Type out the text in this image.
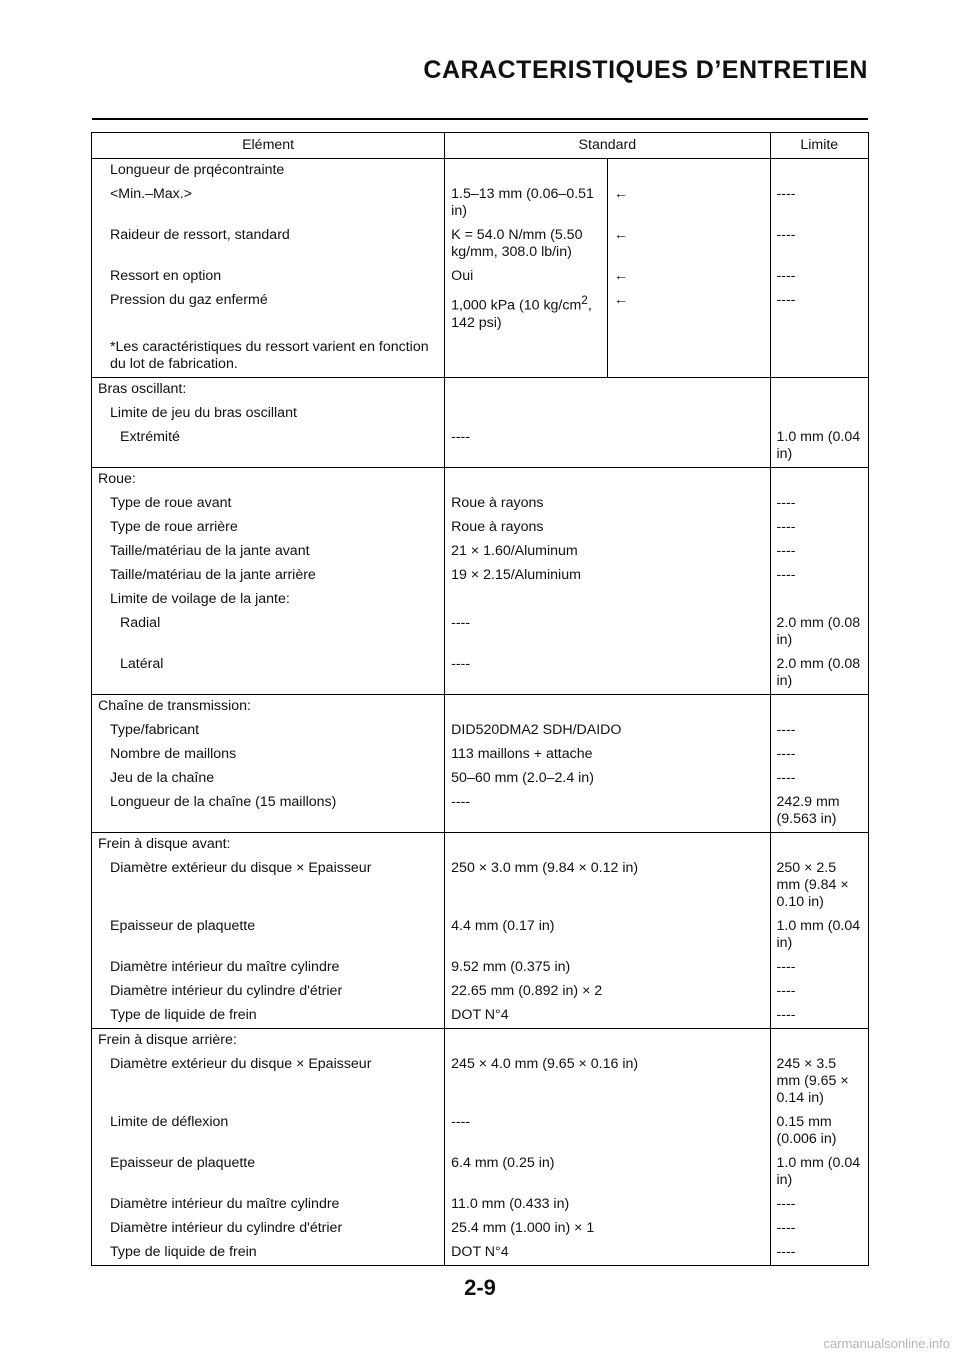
CARACTERISTIQUES D’ENTRETIEN
Elément	Standard		Limite
Longueur de prqécontrainte			
<Min.–Max.>	1.5–13 mm (0.06–0.51 in)	←	----
Raideur de ressort, standard	K = 54.0 N/mm (5.50 kg/mm, 308.0 lb/in)	←	----
Ressort en option	Oui	←	----
Pression du gaz enfermé	1,000 kPa (10 $kg/cm^2$, 142 psi)	←	----
*Les caractéristiques du ressort varient en fonction du lot de fabrication.			
Bras oscillant:			
Limite de jeu du bras oscillant			
Extrémité	----		1.0 mm (0.04 in)
Roue:			
Type de roue avant	Roue à rayons		----
Type de roue arrière	Roue à rayons		----
Taille/matériau de la jante avant	21 × 1.60/Aluminum		----
Taille/matériau de la jante arrière	19 × 2.15/Aluminium		----
Limite de voilage de la jante:			
Radial	----		2.0 mm (0.08 in)
Latéral	----		2.0 mm (0.08 in)
Chaîne de transmission:			
Type/fabricant	DID520DMA2 SDH/DAIDO		----
Nombre de maillons	113 maillons + attache		----
Jeu de la chaîne	50–60 mm (2.0–2.4 in)		----
Longueur de la chaîne (15 maillons)	----		242.9 mm (9.563 in)
Frein à disque avant:			
Diamètre extérieur du disque × Epaisseur	250 × 3.0 mm (9.84 × 0.12 in)		250 × 2.5 mm (9.84 × 0.10 in)
Epaisseur de plaquette	4.4 mm (0.17 in)		1.0 mm (0.04 in)
Diamètre intérieur du maître cylindre	9.52 mm (0.375 in)		----
Diamètre intérieur du cylindre d'étrier	22.65 mm (0.892 in) × 2		----
Type de liquide de frein	DOT N°4		----
Frein à disque arrière:			
Diamètre extérieur du disque × Epaisseur	245 × 4.0 mm (9.65 × 0.16 in)		245 × 3.5 mm (9.65 × 0.14 in)
Limite de déflexion	----		0.15 mm (0.006 in)
Epaisseur de plaquette	6.4 mm (0.25 in)		1.0 mm (0.04 in)
Diamètre intérieur du maître cylindre	11.0 mm (0.433 in)		----
Diamètre intérieur du cylindre d'étrier	25.4 mm (1.000 in) × 1		----
Type de liquide de frein	DOT N°4		----
2-9
carmanualsonline.info
